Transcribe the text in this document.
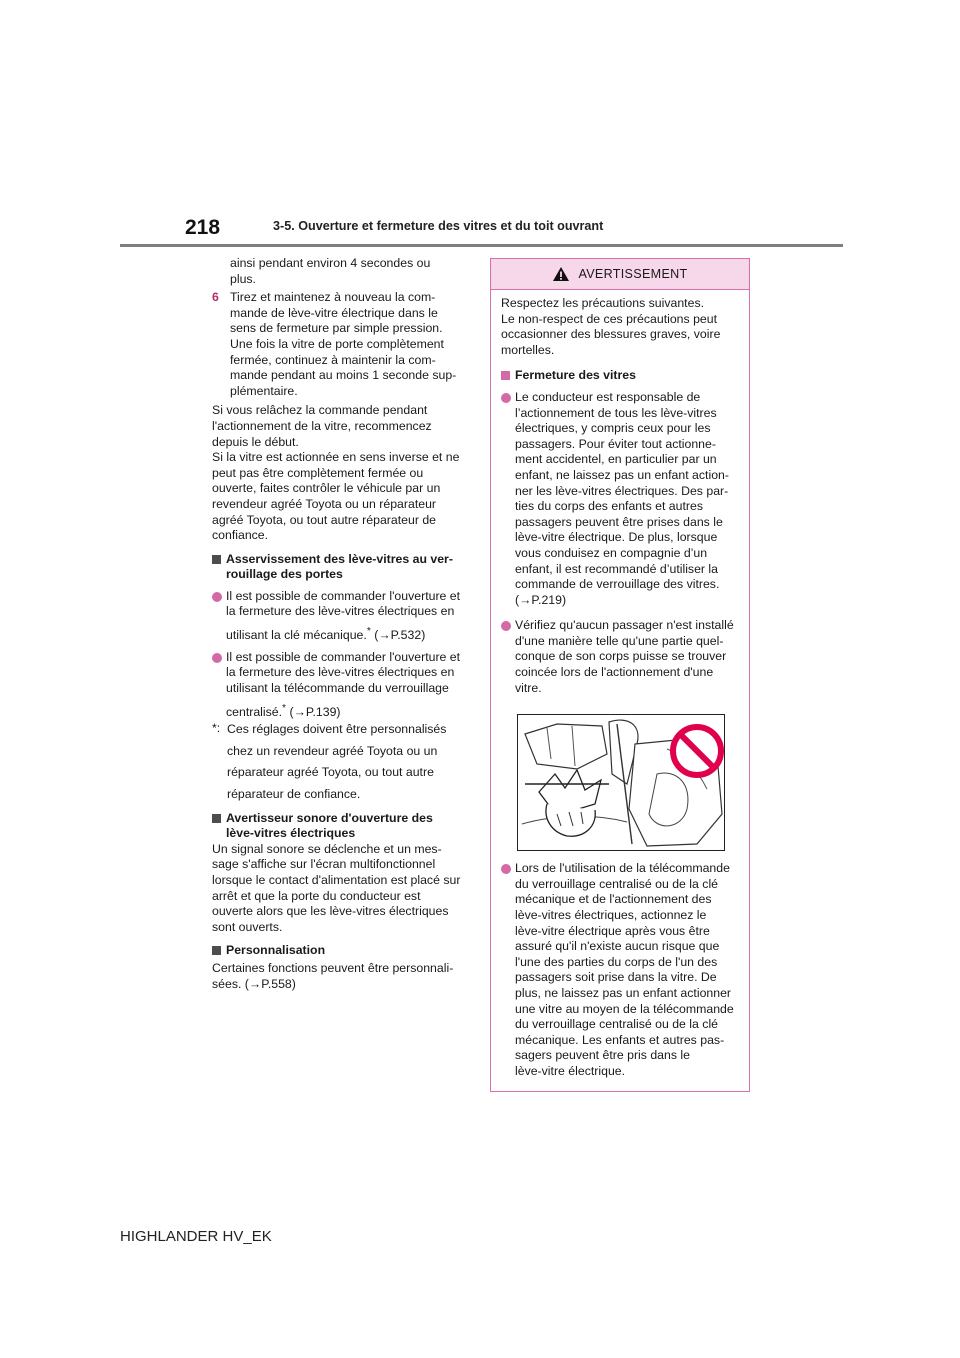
218	3-5. Ouverture et fermeture des vitres et du toit ouvrant

ainsi pendant environ 4 secondes ou

plus.

6 Tirez et maintenez à nouveau la com-

mande de lève-vitre électrique dans le

sens de fermeture par simple pression.

Une fois la vitre de porte complètement

fermée, continuez à maintenir la com-

mande pendant au moins 1 seconde sup-

plémentaire.

Si vous relâchez la commande pendant

l'actionnement de la vitre, recommencez

depuis le début.

Si la vitre est actionnée en sens inverse et ne

peut pas être complètement fermée ou

ouverte, faites contrôler le véhicule par un

revendeur agréé Toyota ou un réparateur

agréé Toyota, ou tout autre réparateur de

confiance.

Asservissement des lève-vitres au ver-

rouillage des portes

Il est possible de commander l'ouverture et

la fermeture des lève-vitres électriques en

utilisant la clé mécanique.* (→P.532)

Il est possible de commander l'ouverture et

la fermeture des lève-vitres électriques en

utilisant la télécommande du verrouillage

centralisé.* (→P.139)

*: Ces réglages doivent être personnalisés

chez un revendeur agréé Toyota ou un

réparateur agréé Toyota, ou tout autre

réparateur de confiance.

Avertisseur sonore d'ouverture des

lève-vitres électriques

Un signal sonore se déclenche et un mes-

sage s'affiche sur l'écran multifonctionnel

lorsque le contact d'alimentation est placé sur

arrêt et que la porte du conducteur est

ouverte alors que les lève-vitres électriques

sont ouverts.

Personnalisation

Certaines fonctions peuvent être personnali-

sées. (→P.558)

AVERTISSEMENT

Respectez les précautions suivantes.

Le non-respect de ces précautions peut

occasionner des blessures graves, voire

mortelles.

Fermeture des vitres

Le conducteur est responsable de

l’actionnement de tous les lève-vitres

électriques, y compris ceux pour les

passagers. Pour éviter tout actionne-

ment accidentel, en particulier par un

enfant, ne laissez pas un enfant action-

ner les lève-vitres électriques. Des par-

ties du corps des enfants et autres

passagers peuvent être prises dans le

lève-vitre électrique. De plus, lorsque

vous conduisez en compagnie d’un

enfant, il est recommandé d’utiliser la

commande de verrouillage des vitres.

(→P.219)

Vérifiez qu'aucun passager n'est installé

d'une manière telle qu'une partie quel-

conque de son corps puisse se trouver

coincée lors de l'actionnement d'une

vitre.

Lors de l'utilisation de la télécommande

du verrouillage centralisé ou de la clé

mécanique et de l'actionnement des

lève-vitres électriques, actionnez le

lève-vitre électrique après vous être

assuré qu'il n'existe aucun risque que

l'une des parties du corps de l'un des

passagers soit prise dans la vitre. De

plus, ne laissez pas un enfant actionner

une vitre au moyen de la télécommande

du verrouillage centralisé ou de la clé

mécanique. Les enfants et autres pas-

sagers peuvent être pris dans le

lève-vitre électrique.

HIGHLANDER HV_EK
